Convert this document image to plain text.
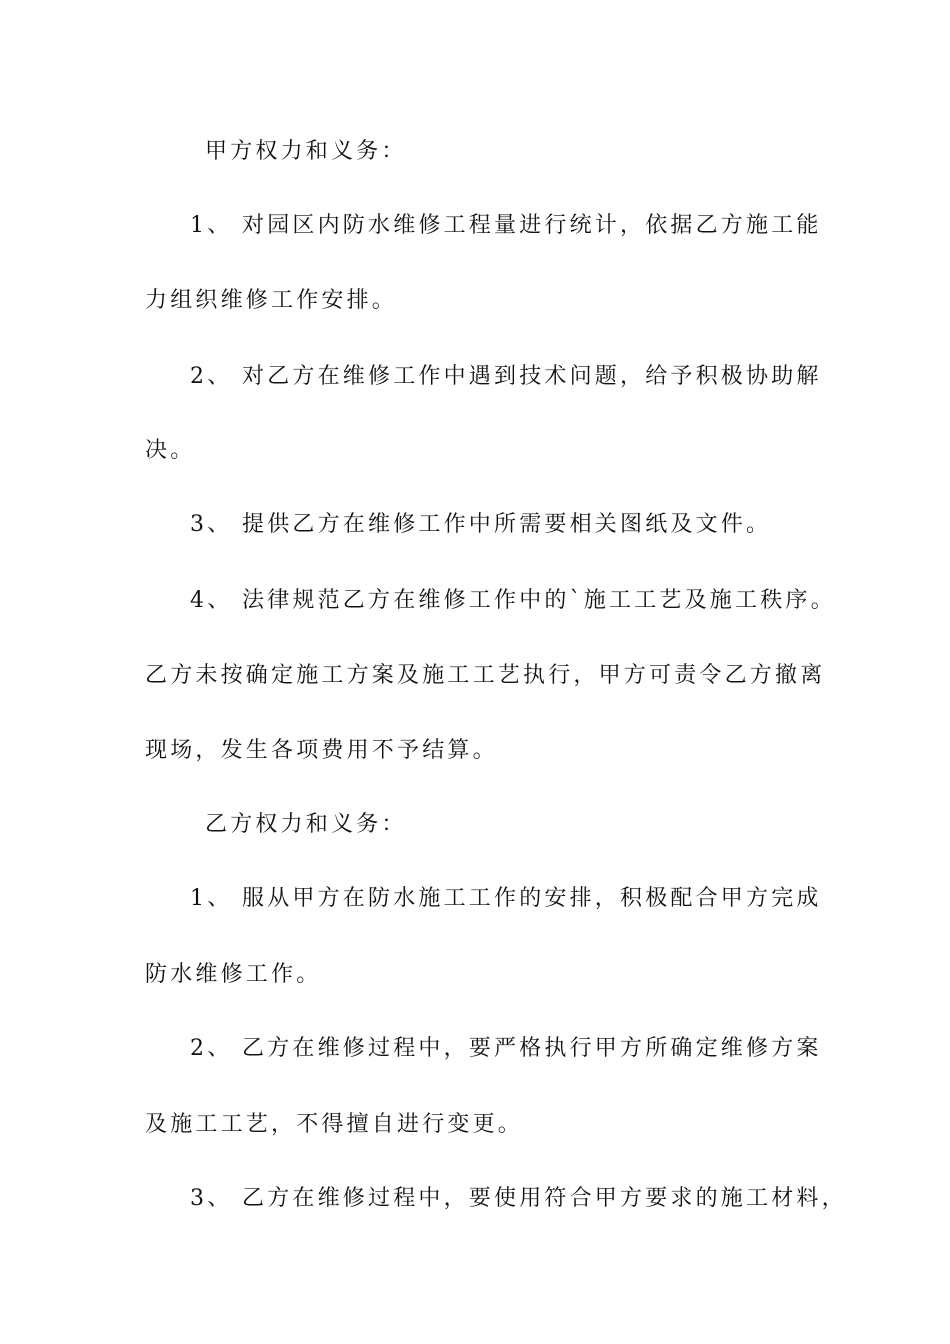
甲方权力和义务：
1、 对园区内防水维修工程量进行统计，依据乙方施工能
力组织维修工作安排。
2、 对乙方在维修工作中遇到技术问题，给予积极协助解
决。
3、 提供乙方在维修工作中所需要相关图纸及文件。
4、 法律规范乙方在维修工作中的`施工工艺及施工秩序。
乙方未按确定施工方案及施工工艺执行，甲方可责令乙方撤离
现场，发生各项费用不予结算。
乙方权力和义务：
1、 服从甲方在防水施工工作的安排，积极配合甲方完成
防水维修工作。
2、 乙方在维修过程中，要严格执行甲方所确定维修方案
及施工工艺，不得擅自进行变更。
3、 乙方在维修过程中，要使用符合甲方要求的施工材料，
